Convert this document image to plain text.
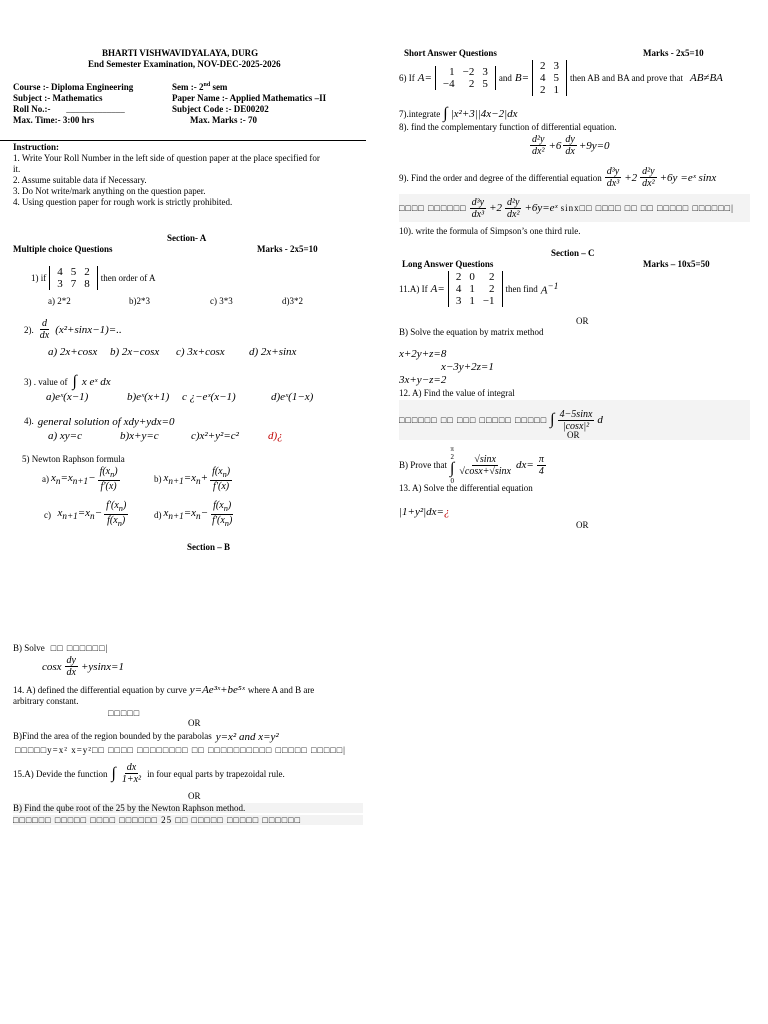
BHARTI VISHWAVIDYALAYA, DURG
End Semester Examination, NOV-DEC-2025-2026
Course :- Diploma Engineering	Sem :- 2nd sem
Subject :- Mathematics	Paper Name :- Applied Mathematics –II
Roll No.:- _____________	Subject Code :- DE00202
Max. Time:- 3:00 hrs	Max. Marks :- 70
Instruction:
1. Write Your Roll Number in the left side of question paper at the place specified for
it.
2. Assume suitable data if Necessary.
3. Do Not write/mark anything on the question paper.
4. Using question paper for rough work is strictly prohibited.
Section- A
Multiple choice Questions	Marks - 2x5=10
1) if 4	5	2
3	7	8 then order of A
a) 2*2	b)2*3	c) 3*3	d)3*2
2). $\frac{d}{dx} (x^2+\sin x-1)=$..
a) 2x+cosx b) 2x−cosx c) 3x+cosx d) 2x+sinx
3) . value of ∫ x eˣ dx
a)eˣ(x−1)	b)eˣ(x+1) c ¿−eˣ(x−1)	d)eˣ(1−x)
4). general solution of xdy+ydx=0
a) xy=c	b)x+y=c	c)x²+y²=c²	d)¿
5) Newton Raphson formula
a) $x_n=x_{n+1}- \frac{f(x_n)}{f'(x)}$	b) $x_{n+1}=x_n+ \frac{f(x_n)}{f'(x)}$
c) $x_{n+1}=x_n- \frac{f'(x_n)}{f(x_n)}$	d) $x_{n+1}=x_n- \frac{f(x_n)}{f'(x_n)}$
Section – B
B) Solve □□ □□□□□□|
cosx $\frac{dy}{dx} +ysinx=1$
14. A) defined the differential equation by curve y=Ae³ˣ+be⁵ˣ where A and B are
arbitrary constant.
□□□□□
OR
B)Find the area of the region bounded by the parabolas y=x² and x=y²
□□□□□y=x² x=y²□□ □□□□ □□□□□□□□ □□ □□□□□□□□□□ □□□□□ □□□□□|
15.A) Devide the function ∫ $\frac{dx}{\text{1+x²}}$ in four equal parts by trapezoidal rule.
OR
B) Find the qube root of the 25 by the Newton Raphson method.
□□□□□□ □□□□□ □□□□ □□□□□□ 25 □□ □□□□□ □□□□□ □□□□□□
Short Answer Questions	Marks - 2x5=10
6) If A= 1	−2	3
−4	2	5 and B=
2	3
4	5
2	1
then AB and BA and prove that AB≠BA
7).integrate ∫ |x²+3||4x−2|dx
8). find the complementary function of differential equation.
$\frac{\text{d²y}}{\text{dx²}} +6 \frac{dy}{dx} +9y=0$
9). Find the order and degree of the differential equation $\frac{\text{d³y}}{\text{dx³}} +2 \frac{\text{d²y}}{\text{dx²}} +6y$ =eˣ sinx
□□□□ □□□□□□ $\frac{\text{d³y}}{\text{dx³}} +2 \frac{\text{d²y}}{\text{dx²}}$ +6y=eˣ sinx□□ □□□□ □□ □□ □□□□□ □□□□□□|
10). write the formula of Simpson’s one third rule.
Section – C
Long Answer Questions	Marks – 10x5=50
11.A) If A=
2	0	2
4	1	2
3	1	−1
then find $A^{-1}$
OR
B) Solve the equation by matrix method
x+2y+z=8
x−3y+2z=1
3x+y−z=2
12. A) Find the value of integral
□□□□□□ □□ □□□ □□□□□ □□□□□ ∫ $\frac{4-5\sin x}{\text{|cosx|²}}$ d
OR
B) Prove that
π
2
∫
0
$\frac{√\sin x}{√\cos x+√\sin x} dx= \frac{\pi}{4}$
13. A) Solve the differential equation
|1+y²|dx=¿
OR
